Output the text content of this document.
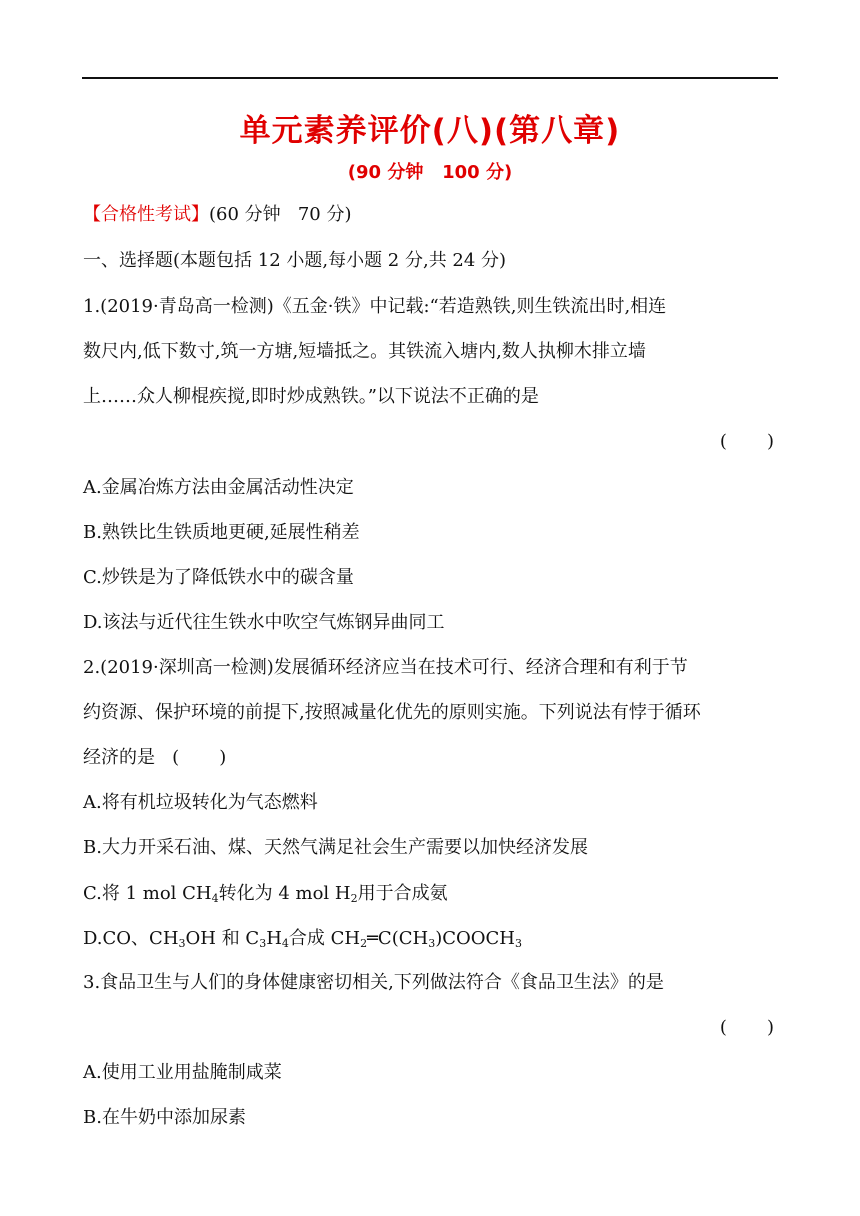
单元素养评价(八)(第八章)
(90 分钟   100 分)
【合格性考试】(60 分钟   70 分)
一、选择题(本题包括 12 小题,每小题 2 分,共 24 分)
1.(2019·青岛高一检测)《五金·铁》中记载:“若造熟铁,则生铁流出时,相连
数尺内,低下数寸,筑一方塘,短墙抵之。其铁流入塘内,数人执柳木排立墙
上……众人柳棍疾搅,即时炒成熟铁。”以下说法不正确的是
(       )
A.金属冶炼方法由金属活动性决定
B.熟铁比生铁质地更硬,延展性稍差
C.炒铁是为了降低铁水中的碳含量
D.该法与近代往生铁水中吹空气炼钢异曲同工
2.(2019·深圳高一检测)发展循环经济应当在技术可行、经济合理和有利于节
约资源、保护环境的前提下,按照减量化优先的原则实施。下列说法有悖于循环
经济的是   (       )
A.将有机垃圾转化为气态燃料
B.大力开采石油、煤、天然气满足社会生产需要以加快经济发展
C.将 1 mol $CH_4$转化为 4 mol $H_2$用于合成氨
D.CO、$CH_3OH$ 和 $C_3H_4$合成 $CH_2═C(CH_3)COOCH_3$
3.食品卫生与人们的身体健康密切相关,下列做法符合《食品卫生法》的是
(       )
A.使用工业用盐腌制咸菜
B.在牛奶中添加尿素
